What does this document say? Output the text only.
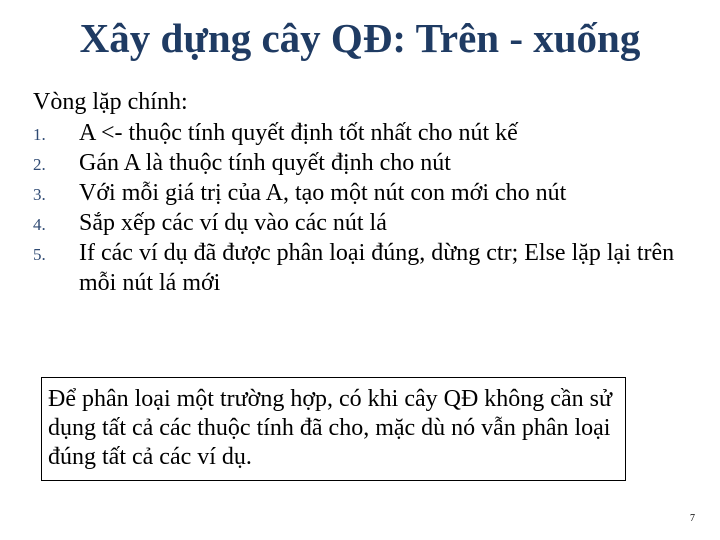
Xây dựng cây QĐ: Trên - xuống
Vòng lặp chính:
1. A <- thuộc tính quyết định tốt nhất cho nút kế
2. Gán A là thuộc tính quyết định cho nút
3. Với mỗi giá trị của A, tạo một nút con mới cho nút
4. Sắp xếp các ví dụ vào các nút lá
5. If các ví dụ đã được phân loại đúng, dừng ctr; Else lặp lại trên mỗi nút lá mới
Để phân loại một trường hợp, có khi cây QĐ không cần sử dụng tất cả các thuộc tính đã cho, mặc dù nó vẫn phân loại đúng tất cả các ví dụ.
7
